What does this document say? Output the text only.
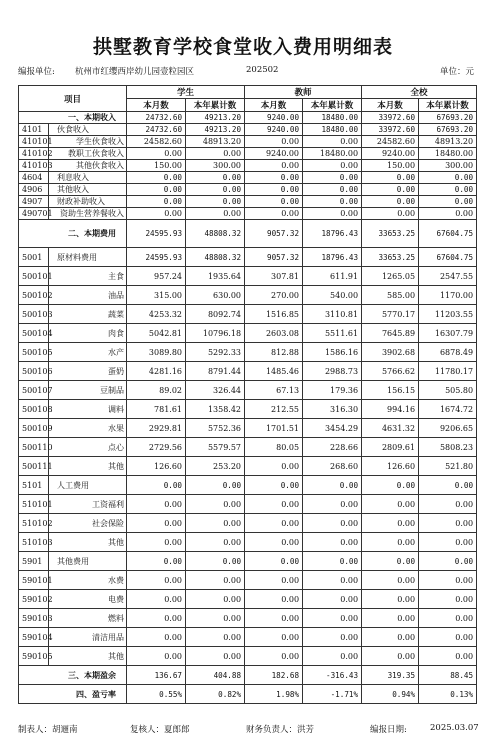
拱墅教育学校食堂收入费用明细表
编报单位: 杭州市红缨西岸幼儿园壹粒园区	202502	单位：元
项目		学生		教师		全校	
		本月数	本年累计数	本月数	本年累计数	本月数	本年累计数
一、本期收入		24732.60	49213.20	9240.00	18480.00	33972.60	67693.20
4101	伙食收入	24732.60	49213.20	9240.00	18480.00	33972.60	67693.20
410101	学生伙食收入	24582.60	48913.20	0.00	0.00	24582.60	48913.20
410102	教职工伙食收入	0.00	0.00	9240.00	18480.00	9240.00	18480.00
410103	其他伙食收入	150.00	300.00	0.00	0.00	150.00	300.00
4604	利息收入	0.00	0.00	0.00	0.00	0.00	0.00
4906	其他收入	0.00	0.00	0.00	0.00	0.00	0.00
4907	财政补助收入	0.00	0.00	0.00	0.00	0.00	0.00
490701	资助生营养餐收入	0.00	0.00	0.00	0.00	0.00	0.00
二、本期费用		24595.93	48808.32	9057.32	18796.43	33653.25	67604.75
5001	原材料费用	24595.93	48808.32	9057.32	18796.43	33653.25	67604.75
500101	主食	957.24	1935.64	307.81	611.91	1265.05	2547.55
500102	油品	315.00	630.00	270.00	540.00	585.00	1170.00
500103	蔬菜	4253.32	8092.74	1516.85	3110.81	5770.17	11203.55
500104	肉食	5042.81	10796.18	2603.08	5511.61	7645.89	16307.79
500105	水产	3089.80	5292.33	812.88	1586.16	3902.68	6878.49
500106	蛋奶	4281.16	8791.44	1485.46	2988.73	5766.62	11780.17
500107	豆制品	89.02	326.44	67.13	179.36	156.15	505.80
500108	调料	781.61	1358.42	212.55	316.30	994.16	1674.72
500109	水果	2929.81	5752.36	1701.51	3454.29	4631.32	9206.65
500110	点心	2729.56	5579.57	80.05	228.66	2809.61	5808.23
500111	其他	126.60	253.20	0.00	268.60	126.60	521.80
5101	人工费用	0.00	0.00	0.00	0.00	0.00	0.00
510101	工资福利	0.00	0.00	0.00	0.00	0.00	0.00
510102	社会保险	0.00	0.00	0.00	0.00	0.00	0.00
510103	其他	0.00	0.00	0.00	0.00	0.00	0.00
5901	其他费用	0.00	0.00	0.00	0.00	0.00	0.00
590101	水费	0.00	0.00	0.00	0.00	0.00	0.00
590102	电费	0.00	0.00	0.00	0.00	0.00	0.00
590103	燃料	0.00	0.00	0.00	0.00	0.00	0.00
590104	清洁用品	0.00	0.00	0.00	0.00	0.00	0.00
590105	其他	0.00	0.00	0.00	0.00	0.00	0.00
三、本期盈余		136.67	404.88	182.68	-316.43	319.35	88.45
四、盈亏率		0.55%	0.82%	1.98%	-1.71%	0.94%	0.13%
制表人：胡逦南	复核人：夏郎郎	财务负责人：洪芳	编报日期:	2025.03.07
